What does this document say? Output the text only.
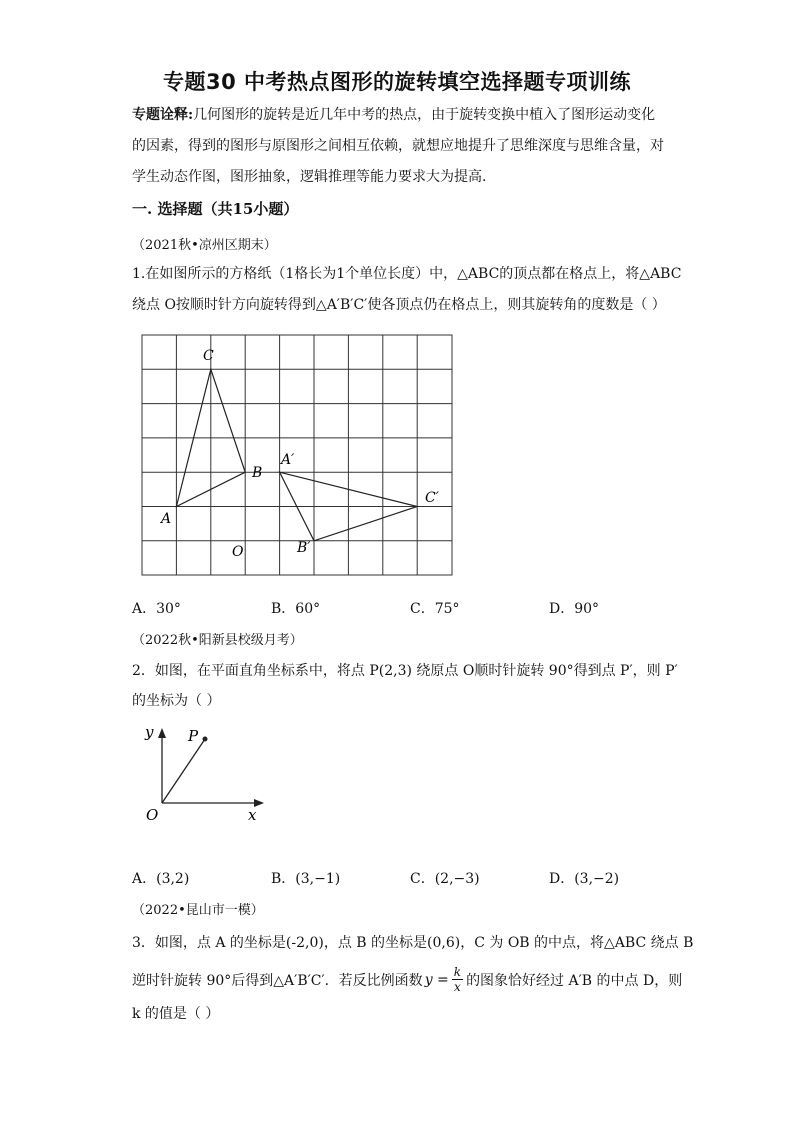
专题30 中考热点图形的旋转填空选择题专项训练
专题诠释:几何图形的旋转是近几年中考的热点，由于旋转变换中植入了图形运动变化
的因素，得到的图形与原图形之间相互依赖，就想应地提升了思维深度与思维含量，对
学生动态作图，图形抽象，逻辑推理等能力要求大为提高.
一. 选择题（共15小题）
（2021秋•凉州区期末）
1.在如图所示的方格纸（1格长为1个单位长度）中，△ABC的顶点都在格点上，将△ABC
绕点 O按顺时针方向旋转得到△A′B′C′使各顶点仍在格点上，则其旋转角的度数是（ ）
C
B
A
O
A′
B′
C′
A．30°	B．60°	C．75°	D．90°
（2022秋•阳新县校级月考）
2．如图，在平面直角坐标系中，将点 P(2,3) 绕原点 O顺时针旋转 90°得到点 P′，则 P′
的坐标为（ ）
y P
O	x
A．(3,2)	B．(3,−1)	C．(2,−3)	D．(3,−2)
（2022•昆山市一模）
3．如图，点 A 的坐标是(-2,0)，点 B 的坐标是(0,6)，C 为 OB 的中点，将△ABC 绕点 B
逆时针旋转 90°后得到△A′B′C′．若反比例函数 $y = \frac{k}{x}$ 的图象恰好经过 A′B 的中点 D，则
k 的值是（ ）
